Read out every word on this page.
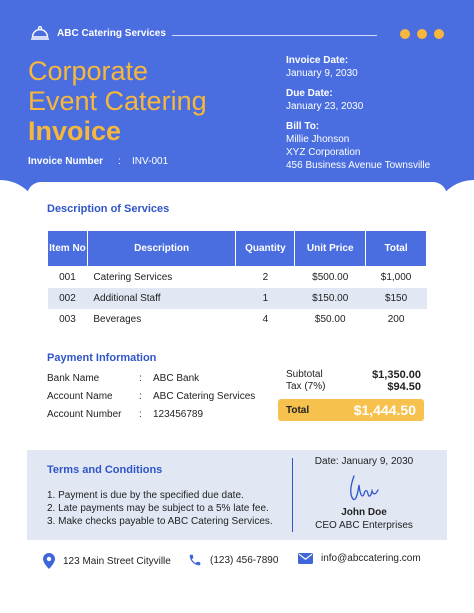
ABC Catering Services
Corporate
Event Catering
Invoice
Invoice Number	:	INV-001
Invoice Date:
January 9, 2030
Due Date:
January 23, 2030
Bill To:
Millie Jhonson
XYZ Corporation
456 Business Avenue Townsville
Description of Services
Item No	Description	Quantity	Unit Price	Total
001	Catering Services	2	$500.00	$1,000
002	Additional Staff	1	$150.00	$150
003	Beverages	4	$50.00	200
Payment Information
Bank Name	:	ABC Bank
Account Name	:	ABC Catering Services
Account Number	:	123456789
Subtotal	$1,350.00
Tax (7%)	$94.50
Total	$1,444.50
Terms and Conditions
1. Payment is due by the specified due date.
2. Late payments may be subject to a 5% late fee.
3. Make checks payable to ABC Catering Services.
Date: January 9, 2030
John Doe
CEO ABC Enterprises
123 Main Street Cityville	(123) 456-7890	info@abccatering.com
